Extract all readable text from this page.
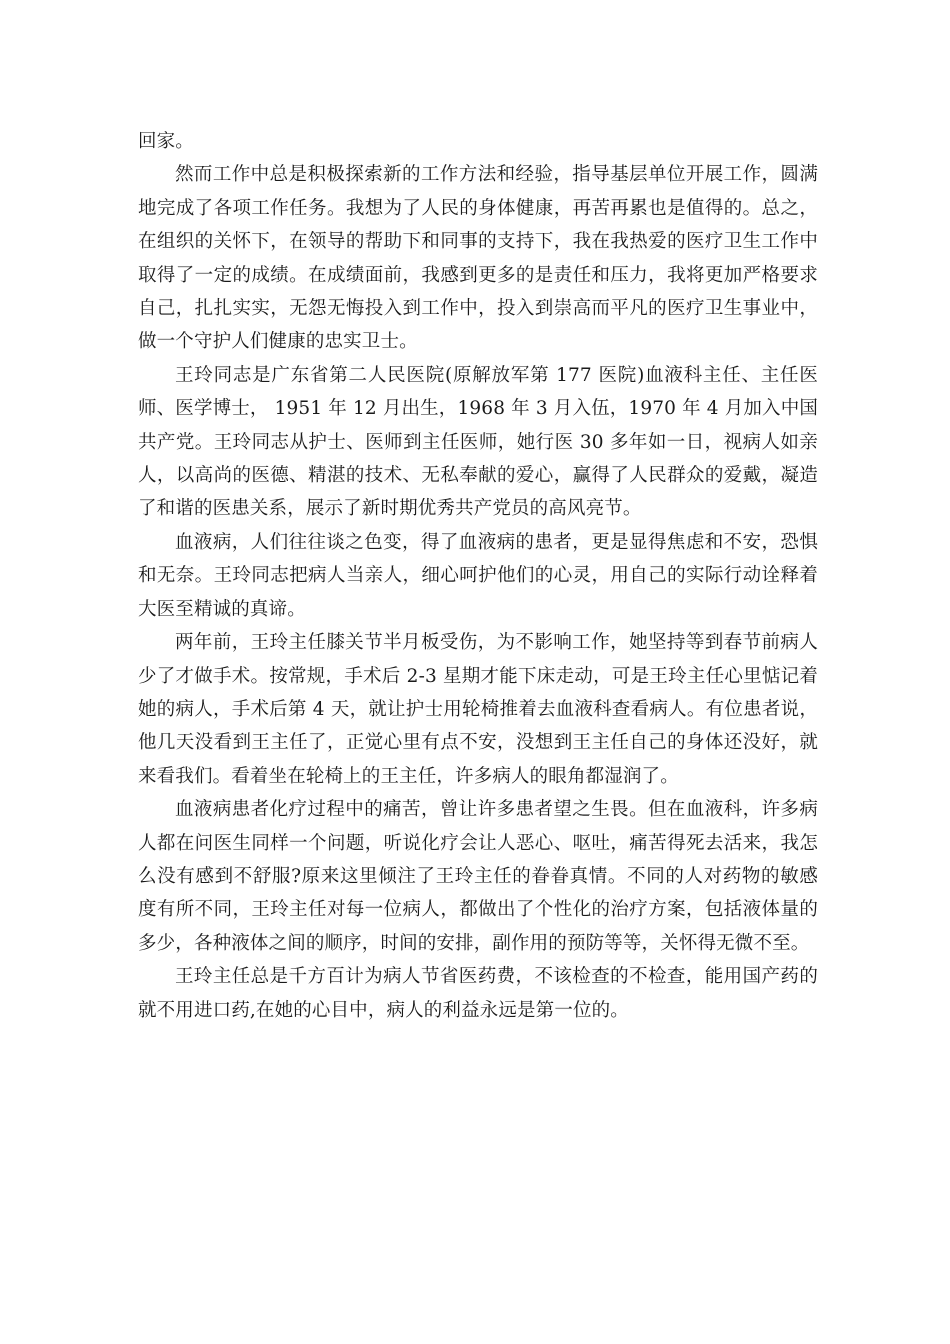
回家。

然而工作中总是积极探索新的工作方法和经验，指导基层单位开展工作，圆满地完成了各项工作任务。我想为了人民的身体健康，再苦再累也是值得的。总之，在组织的关怀下，在领导的帮助下和同事的支持下，我在我热爱的医疗卫生工作中取得了一定的成绩。在成绩面前，我感到更多的是责任和压力，我将更加严格要求自己，扎扎实实，无怨无悔投入到工作中，投入到崇高而平凡的医疗卫生事业中，做一个守护人们健康的忠实卫士。

王玲同志是广东省第二人民医院(原解放军第 177 医院)血液科主任、主任医师、医学博士， 1951 年 12 月出生，1968 年 3 月入伍，1970 年 4 月加入中国共产党。王玲同志从护士、医师到主任医师，她行医 30 多年如一日，视病人如亲人，以高尚的医德、精湛的技术、无私奉献的爱心，赢得了人民群众的爱戴，凝造了和谐的医患关系，展示了新时期优秀共产党员的高风亮节。

血液病，人们往往谈之色变，得了血液病的患者，更是显得焦虑和不安，恐惧和无奈。王玲同志把病人当亲人，细心呵护他们的心灵，用自己的实际行动诠释着大医至精诚的真谛。

两年前，王玲主任膝关节半月板受伤，为不影响工作，她坚持等到春节前病人少了才做手术。按常规，手术后 2-3 星期才能下床走动，可是王玲主任心里惦记着她的病人，手术后第 4 天，就让护士用轮椅推着去血液科查看病人。有位患者说，他几天没看到王主任了，正觉心里有点不安，没想到王主任自己的身体还没好，就来看我们。看着坐在轮椅上的王主任，许多病人的眼角都湿润了。

血液病患者化疗过程中的痛苦，曾让许多患者望之生畏。但在血液科，许多病人都在问医生同样一个问题，听说化疗会让人恶心、呕吐，痛苦得死去活来，我怎么没有感到不舒服?原来这里倾注了王玲主任的眷眷真情。不同的人对药物的敏感度有所不同，王玲主任对每一位病人，都做出了个性化的治疗方案，包括液体量的多少，各种液体之间的顺序，时间的安排，副作用的预防等等，关怀得无微不至。

王玲主任总是千方百计为病人节省医药费，不该检查的不检查，能用国产药的就不用进口药,在她的心目中，病人的利益永远是第一位的。
